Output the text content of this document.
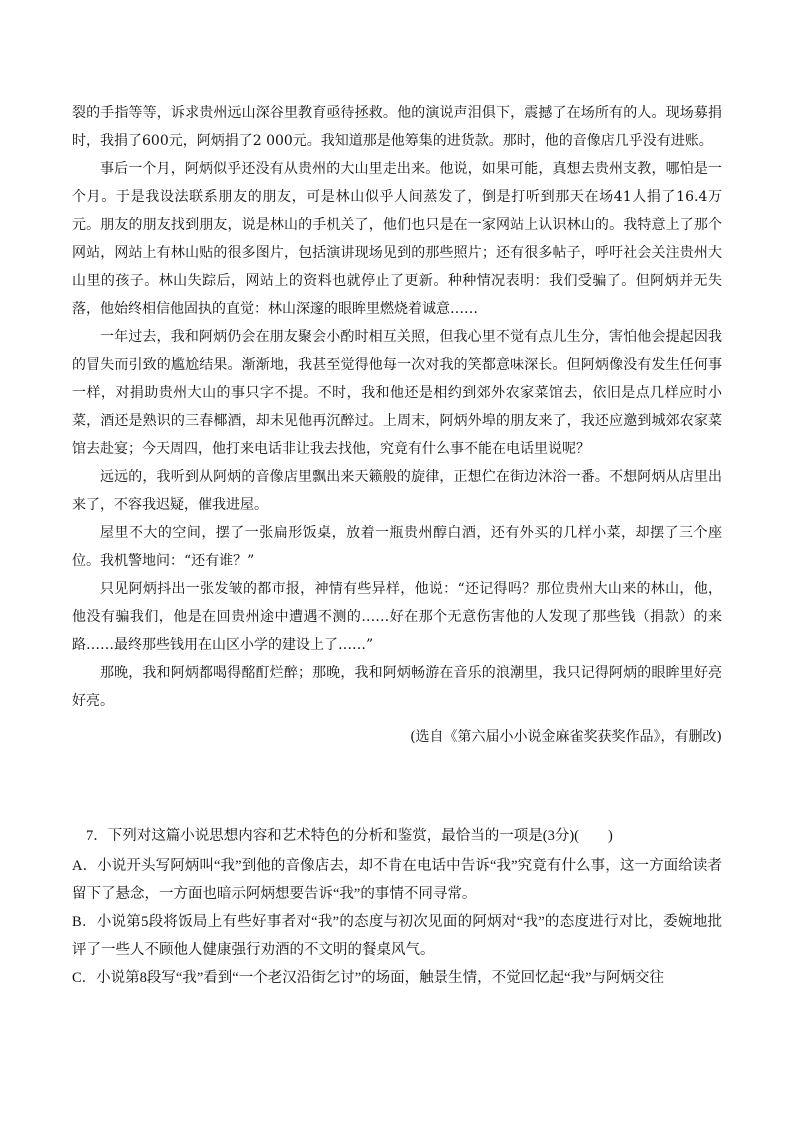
裂的手指等等，诉求贵州远山深谷里教育亟待拯救。他的演说声泪俱下，震撼了在场所有的人。现场募捐时，我捐了600元，阿炳捐了2 000元。我知道那是他筹集的进货款。那时，他的音像店几乎没有进账。

事后一个月，阿炳似乎还没有从贵州的大山里走出来。他说，如果可能，真想去贵州支教，哪怕是一个月。于是我设法联系朋友的朋友，可是林山似乎人间蒸发了，倒是打听到那天在场41人捐了16.4万元。朋友的朋友找到朋友，说是林山的手机关了，他们也只是在一家网站上认识林山的。我特意上了那个网站，网站上有林山贴的很多图片，包括演讲现场见到的那些照片；还有很多帖子，呼吁社会关注贵州大山里的孩子。林山失踪后，网站上的资料也就停止了更新。种种情况表明：我们受骗了。但阿炳并无失落，他始终相信他固执的直觉：林山深邃的眼眸里燃烧着诚意……

一年过去，我和阿炳仍会在朋友聚会小酌时相互关照，但我心里不觉有点儿生分，害怕他会提起因我的冒失而引致的尴尬结果。渐渐地，我甚至觉得他每一次对我的笑都意味深长。但阿炳像没有发生任何事一样，对捐助贵州大山的事只字不提。不时，我和他还是相约到郊外农家菜馆去，依旧是点几样应时小菜，酒还是熟识的三春椰酒，却未见他再沉醉过。上周末，阿炳外埠的朋友来了，我还应邀到城郊农家菜馆去赴宴；今天周四，他打来电话非让我去找他，究竟有什么事不能在电话里说呢？

远远的，我听到从阿炳的音像店里飘出来天籁般的旋律，正想伫在街边沐浴一番。不想阿炳从店里出来了，不容我迟疑，催我进屋。

屋里不大的空间，摆了一张扁形饭桌，放着一瓶贵州醇白酒，还有外买的几样小菜，却摆了三个座位。我机警地问：“还有谁？”

只见阿炳抖出一张发皱的都市报，神情有些异样，他说：“还记得吗？那位贵州大山来的林山，他，他没有骗我们，他是在回贵州途中遭遇不测的……好在那个无意伤害他的人发现了那些钱（捐款）的来路……最终那些钱用在山区小学的建设上了……”

那晚，我和阿炳都喝得酩酊烂醉；那晚，我和阿炳畅游在音乐的浪潮里，我只记得阿炳的眼眸里好亮好亮。

(选自《第六届小小说金麻雀奖获奖作品》，有删改)

7．下列对这篇小说思想内容和艺术特色的分析和鉴赏，最恰当的一项是(3分)(　　)

A．小说开头写阿炳叫“我”到他的音像店去，却不肯在电话中告诉“我”究竟有什么事，这一方面给读者留下了悬念，一方面也暗示阿炳想要告诉“我”的事情不同寻常。

B．小说第5段将饭局上有些好事者对“我”的态度与初次见面的阿炳对“我”的态度进行对比，委婉地批评了一些人不顾他人健康强行劝酒的不文明的餐桌风气。

C．小说第8段写“我”看到“一个老汉沿街乞讨”的场面，触景生情，不觉回忆起“我”与阿炳交往
